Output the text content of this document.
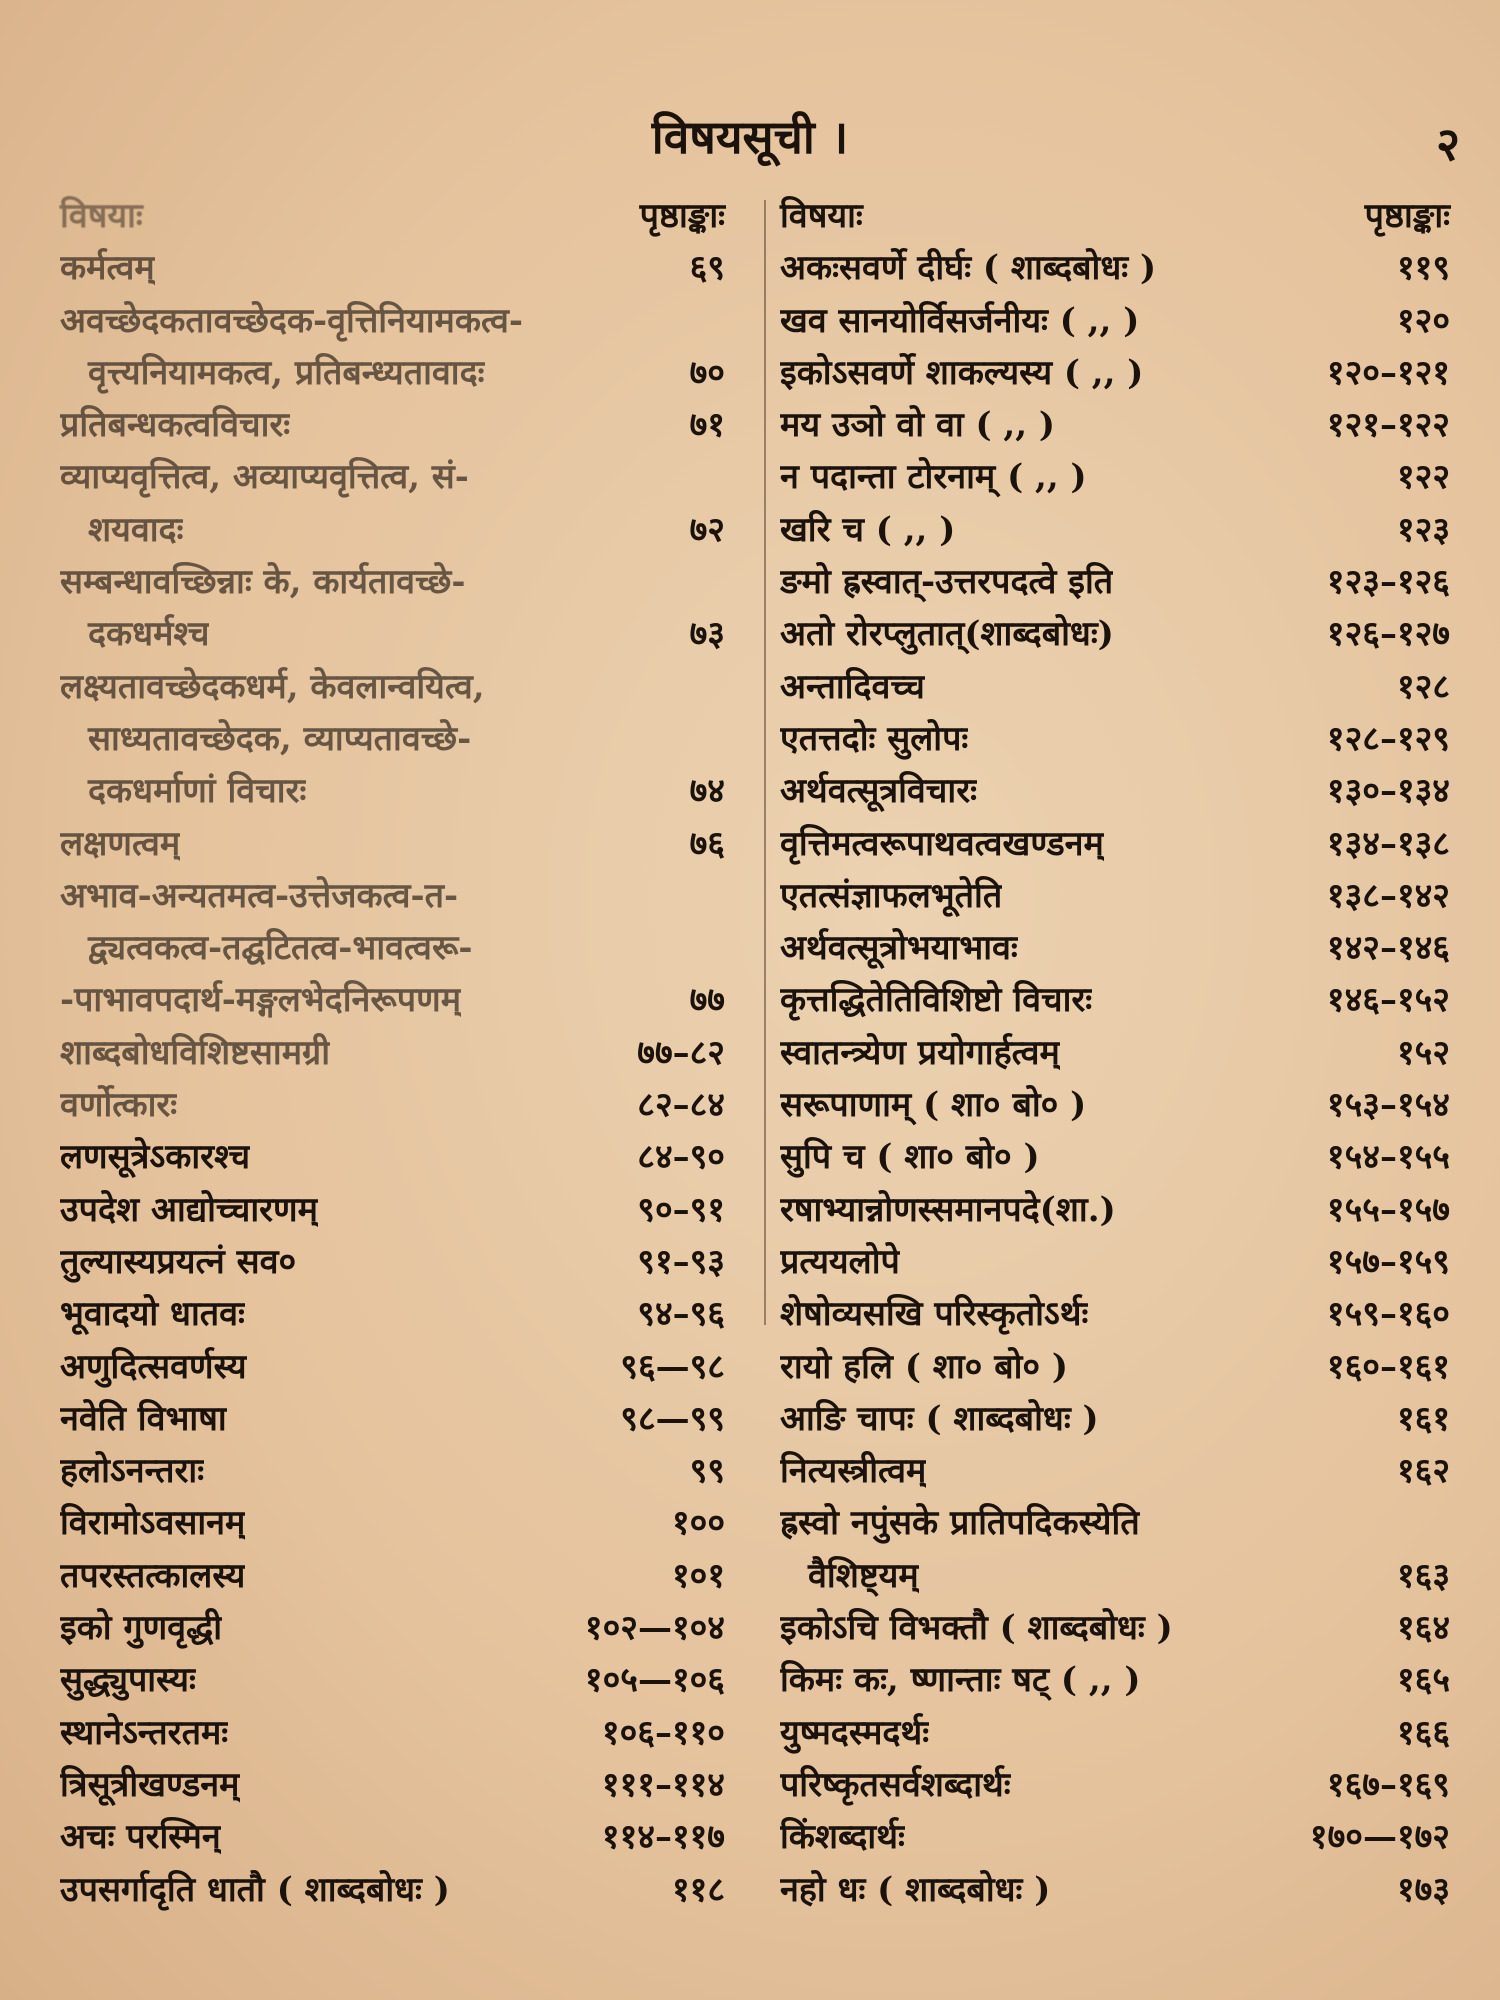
विषयसूची ।	२
विषयाः	पृष्ठाङ्काः
कर्मत्वम्	६९
अवच्छेदकतावच्छेदक-वृत्तिनियामकत्व-
वृत्त्यनियामकत्व, प्रतिबन्ध्यतावादः	७०
प्रतिबन्धकत्वविचारः	७१
व्याप्यवृत्तित्व, अव्याप्यवृत्तित्व, सं-
शयवादः	७२
सम्बन्धावच्छिन्नाः के, कार्यतावच्छे-
दकधर्मश्च	७३
लक्ष्यतावच्छेदकधर्म, केवलान्वयित्व,
साध्यतावच्छेदक, व्याप्यतावच्छे-
दकधर्माणां विचारः	७४
लक्षणत्वम्	७६
अभाव-अन्यतमत्व-उत्तेजकत्व-त-
द्व्यत्वकत्व-तद्घटितत्व-भावत्वरू-
-पाभावपदार्थ-मङ्गलभेदनिरूपणम्	७७
शाब्दबोधविशिष्टसामग्री	७७–८२
वर्णोत्कारः	८२–८४
लणसूत्रेऽकारश्च	८४–९०
उपदेश आद्योच्चारणम्	९०–९१
तुल्यास्यप्रयत्नं सव०	९१–९३
भूवादयो धातवः	९४–९६
अणुदित्सवर्णस्य	९६—९८
नवेति विभाषा	९८—९९
हलोऽनन्तराः	९९
विरामोऽवसानम्	१००
तपरस्तत्कालस्य	१०१
इको गुणवृद्धी	१०२—१०४
सुद्ध्युपास्यः	१०५—१०६
स्थानेऽन्तरतमः	१०६–११०
त्रिसूत्रीखण्डनम्	१११–११४
अचः परस्मिन्	११४–११७
उपसर्गादृति धातौ ( शाब्दबोधः )	११८
विषयाः	पृष्ठाङ्काः
अकःसवर्णे दीर्घः ( शाब्दबोधः )	११९
खव सानयोर्विसर्जनीयः ( ,, )	१२०
इकोऽसवर्णे शाकल्यस्य ( ,, )	१२०–१२१
मय उञो वो वा ( ,, )	१२१–१२२
न पदान्ता टोरनाम् ( ,, )	१२२
खरि च ( ,, )	१२३
ङमो ह्रस्वात्-उत्तरपदत्वे इति	१२३–१२६
अतो रोरप्लुतात्(शाब्दबोधः)	१२६–१२७
अन्तादिवच्च	१२८
एतत्तदोः सुलोपः	१२८–१२९
अर्थवत्सूत्रविचारः	१३०–१३४
वृत्तिमत्वरूपाथवत्वखण्डनम्	१३४–१३८
एतत्संज्ञाफलभूतेति	१३८–१४२
अर्थवत्सूत्रोभयाभावः	१४२–१४६
कृत्तद्धितेतिविशिष्टो विचारः	१४६–१५२
स्वातन्त्र्येण प्रयोगार्हत्वम्	१५२
सरूपाणाम् ( शा० बो० )	१५३–१५४
सुपि च ( शा० बो० )	१५४–१५५
रषाभ्यान्नोणस्समानपदे(शा.)	१५५–१५७
प्रत्ययलोपे	१५७–१५९
शेषोव्यसखि परिस्कृतोऽर्थः	१५९–१६०
रायो हलि ( शा० बो० )	१६०–१६१
आङि चापः ( शाब्दबोधः )	१६१
नित्यस्त्रीत्वम्	१६२
ह्रस्वो नपुंसके प्रातिपदिकस्येति
वैशिष्ट्यम्	१६३
इकोऽचि विभक्तौ ( शाब्दबोधः )	१६४
किमः कः, ष्णान्ताः षट् ( ,, )	१६५
युष्मदस्मदर्थः	१६६
परिष्कृतसर्वशब्दार्थः	१६७–१६९
किंशब्दार्थः	१७०—१७२
नहो धः ( शाब्दबोधः )	१७३
